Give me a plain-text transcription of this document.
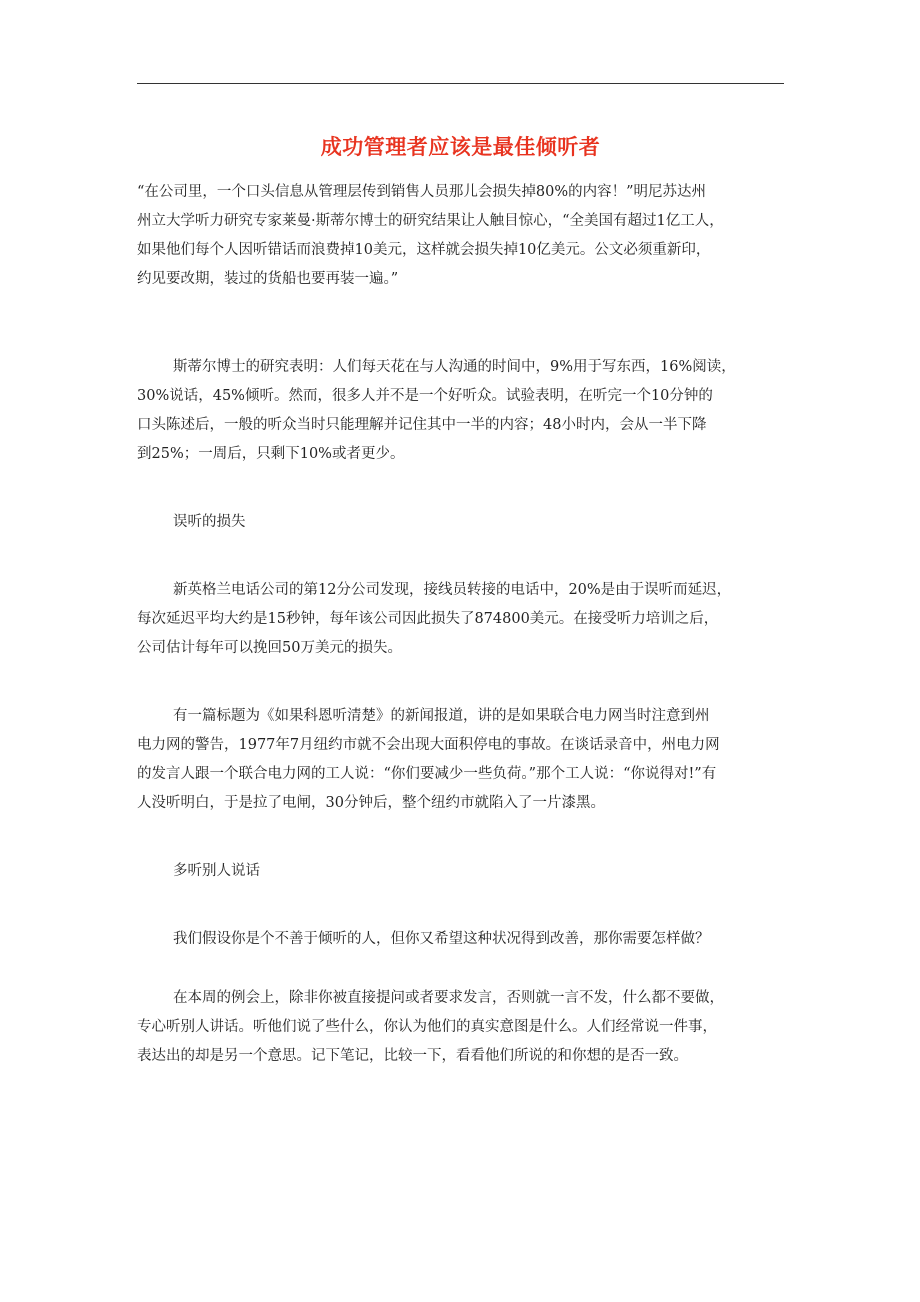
成功管理者应该是最佳倾听者

“在公司里，一个口头信息从管理层传到销售人员那儿会损失掉80%的内容！”明尼苏达州
州立大学听力研究专家莱曼·斯蒂尔博士的研究结果让人触目惊心，“全美国有超过1亿工人，
如果他们每个人因听错话而浪费掉10美元，这样就会损失掉10亿美元。公文必须重新印，
约见要改期，装过的货船也要再装一遍。”

斯蒂尔博士的研究表明：人们每天花在与人沟通的时间中，9%用于写东西，16%阅读，
30%说话，45%倾听。然而，很多人并不是一个好听众。试验表明，在听完一个10分钟的
口头陈述后，一般的听众当时只能理解并记住其中一半的内容；48小时内，会从一半下降
到25%；一周后，只剩下10%或者更少。

误听的损失

新英格兰电话公司的第12分公司发现，接线员转接的电话中，20%是由于误听而延迟，
每次延迟平均大约是15秒钟，每年该公司因此损失了874800美元。在接受听力培训之后，
公司估计每年可以挽回50万美元的损失。

有一篇标题为《如果科恩听清楚》的新闻报道，讲的是如果联合电力网当时注意到州
电力网的警告，1977年7月纽约市就不会出现大面积停电的事故。在谈话录音中，州电力网
的发言人跟一个联合电力网的工人说：“你们要减少一些负荷。”那个工人说：“你说得对!”有
人没听明白，于是拉了电闸，30分钟后，整个纽约市就陷入了一片漆黑。

多听别人说话

我们假设你是个不善于倾听的人，但你又希望这种状况得到改善，那你需要怎样做？

在本周的例会上，除非你被直接提问或者要求发言，否则就一言不发，什么都不要做，
专心听别人讲话。听他们说了些什么，你认为他们的真实意图是什么。人们经常说一件事，
表达出的却是另一个意思。记下笔记，比较一下，看看他们所说的和你想的是否一致。
